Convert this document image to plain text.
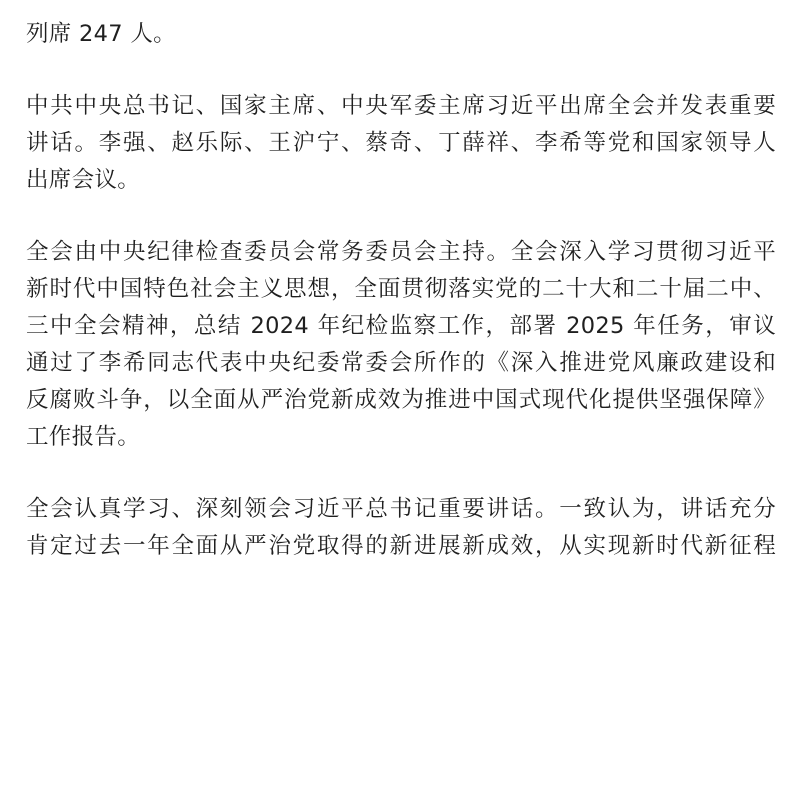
列席 247 人。

中共中央总书记、国家主席、中央军委主席习近平出席全会并发表重要
讲话。李强、赵乐际、王沪宁、蔡奇、丁薛祥、李希等党和国家领导人
出席会议。

全会由中央纪律检查委员会常务委员会主持。全会深入学习贯彻习近平
新时代中国特色社会主义思想，全面贯彻落实党的二十大和二十届二中、
三中全会精神，总结 2024 年纪检监察工作，部署 2025 年任务，审议
通过了李希同志代表中央纪委常委会所作的《深入推进党风廉政建设和
反腐败斗争，以全面从严治党新成效为推进中国式现代化提供坚强保障》
工作报告。

全会认真学习、深刻领会习近平总书记重要讲话。一致认为，讲话充分
肯定过去一年全面从严治党取得的新进展新成效，从实现新时代新征程
